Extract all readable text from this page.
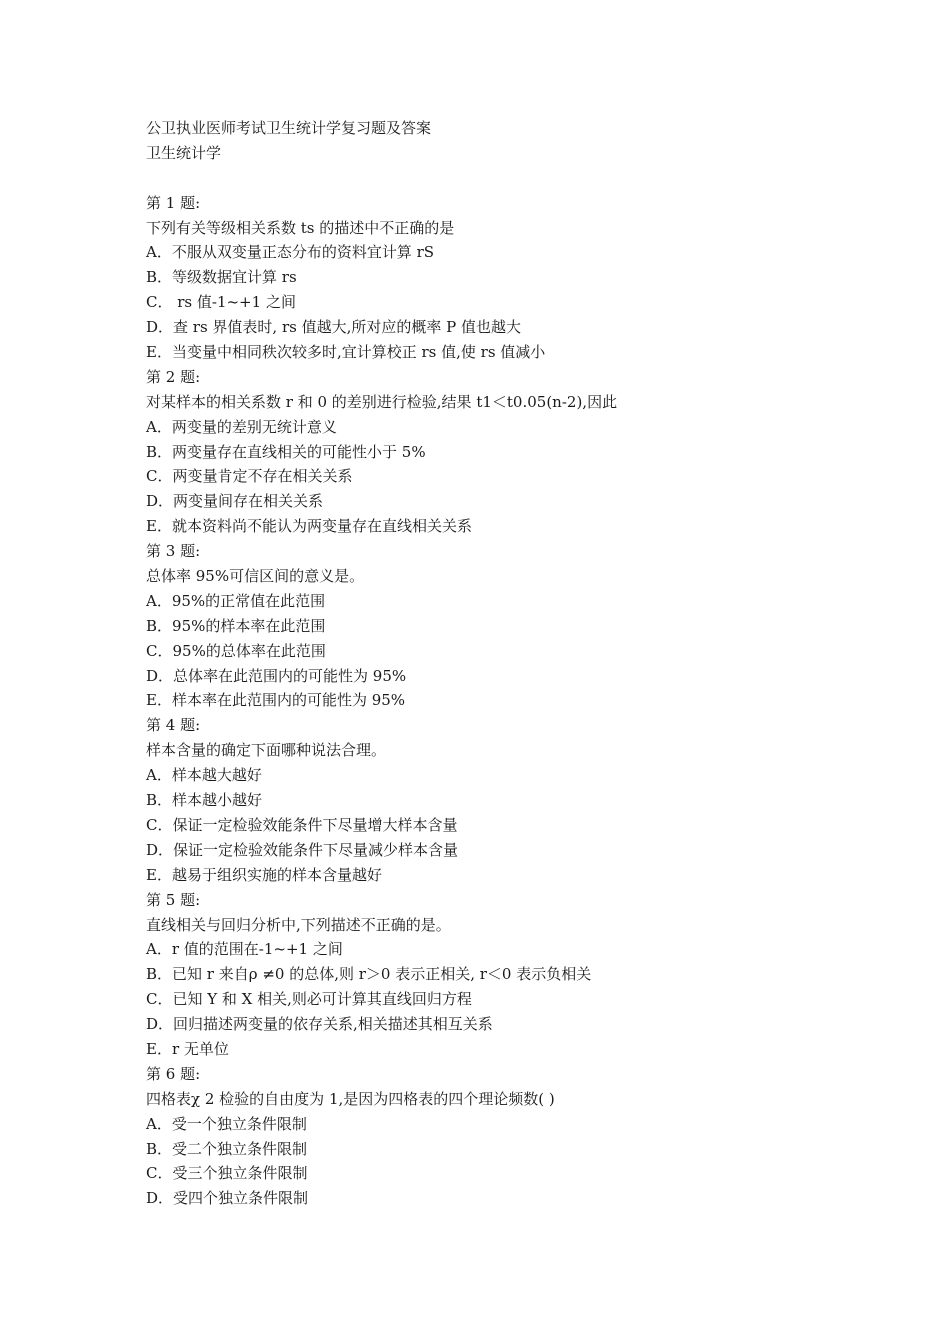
公卫执业医师考试卫生统计学复习题及答案
卫生统计学
第 1 题:
下列有关等级相关系数 ts 的描述中不正确的是
A．不服从双变量正态分布的资料宜计算 rS
B．等级数据宜计算 rs
C． rs 值-1~+1 之间
D．查 rs 界值表时, rs 值越大,所对应的概率 P 值也越大
E．当变量中相同秩次较多时,宜计算校正 rs 值,使 rs 值减小
第 2 题:
对某样本的相关系数 r 和 0 的差别进行检验,结果 t1＜t0.05(n-2),因此
A．两变量的差别无统计意义
B．两变量存在直线相关的可能性小于 5%
C．两变量肯定不存在相关关系
D．两变量间存在相关关系
E．就本资料尚不能认为两变量存在直线相关关系
第 3 题:
总体率 95%可信区间的意义是。
A．95%的正常值在此范围
B．95%的样本率在此范围
C．95%的总体率在此范围
D．总体率在此范围内的可能性为 95%
E．样本率在此范围内的可能性为 95%
第 4 题:
样本含量的确定下面哪种说法合理。
A．样本越大越好
B．样本越小越好
C．保证一定检验效能条件下尽量增大样本含量
D．保证一定检验效能条件下尽量减少样本含量
E．越易于组织实施的样本含量越好
第 5 题:
直线相关与回归分析中,下列描述不正确的是。
A．r 值的范围在-1~+1 之间
B．已知 r 来自ρ ≠0 的总体,则 r＞0 表示正相关, r＜0 表示负相关
C．已知 Y 和 X 相关,则必可计算其直线回归方程
D．回归描述两变量的依存关系,相关描述其相互关系
E．r 无单位
第 6 题:
四格表χ 2 检验的自由度为 1,是因为四格表的四个理论频数( )
A．受一个独立条件限制
B．受二个独立条件限制
C．受三个独立条件限制
D．受四个独立条件限制
